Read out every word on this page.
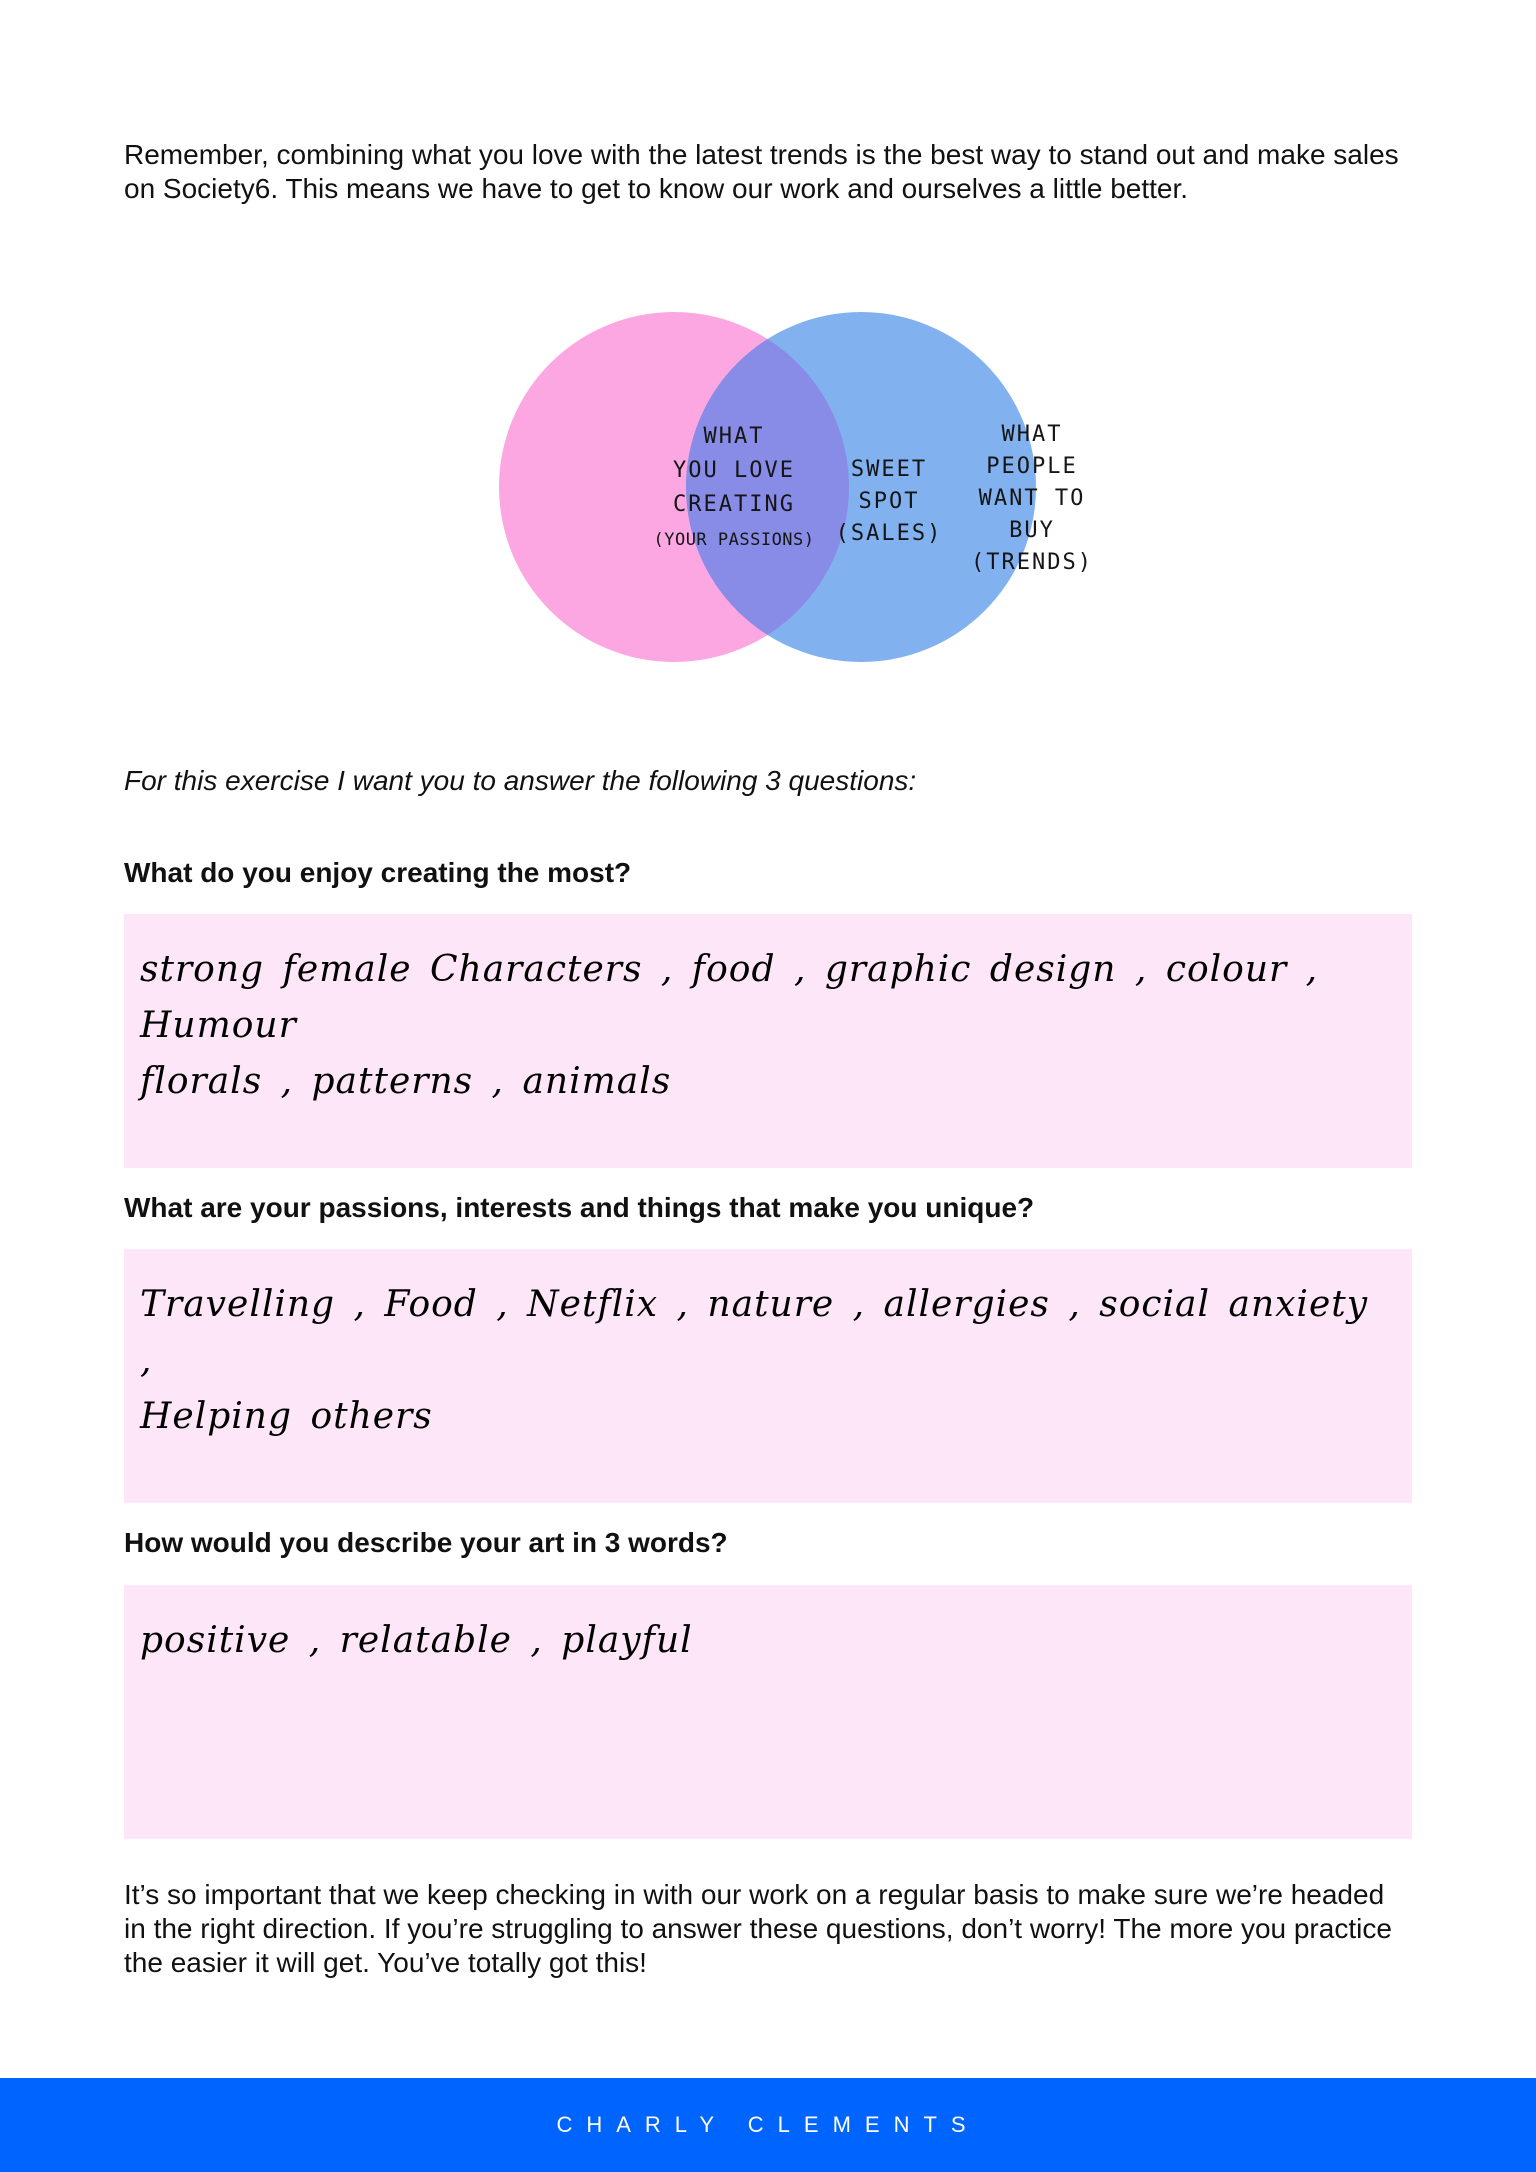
Remember, combining what you love with the latest trends is the best way to stand out and make sales on Society6. This means we have to get to know our work and ourselves a little better.

WHAT
YOU LOVE
CREATING
(YOUR PASSIONS)
SWEET
SPOT
(SALES)
WHAT
PEOPLE
WANT TO
BUY
(TRENDS)

For this exercise I want you to answer the following 3 questions:

What do you enjoy creating the most?

strong female Characters , food , graphic design , colour , Humour
florals , patterns , animals

What are your passions, interests and things that make you unique?

Travelling , Food , Netflix , nature , allergies , social anxiety ,
Helping others

How would you describe your art in 3 words?

positive , relatable , playful

It’s so important that we keep checking in with our work on a regular basis to make sure we’re headed in the right direction. If you’re struggling to answer these questions, don’t worry! The more you practice the easier it will get. You’ve totally got this!

CHARLY CLEMENTS
